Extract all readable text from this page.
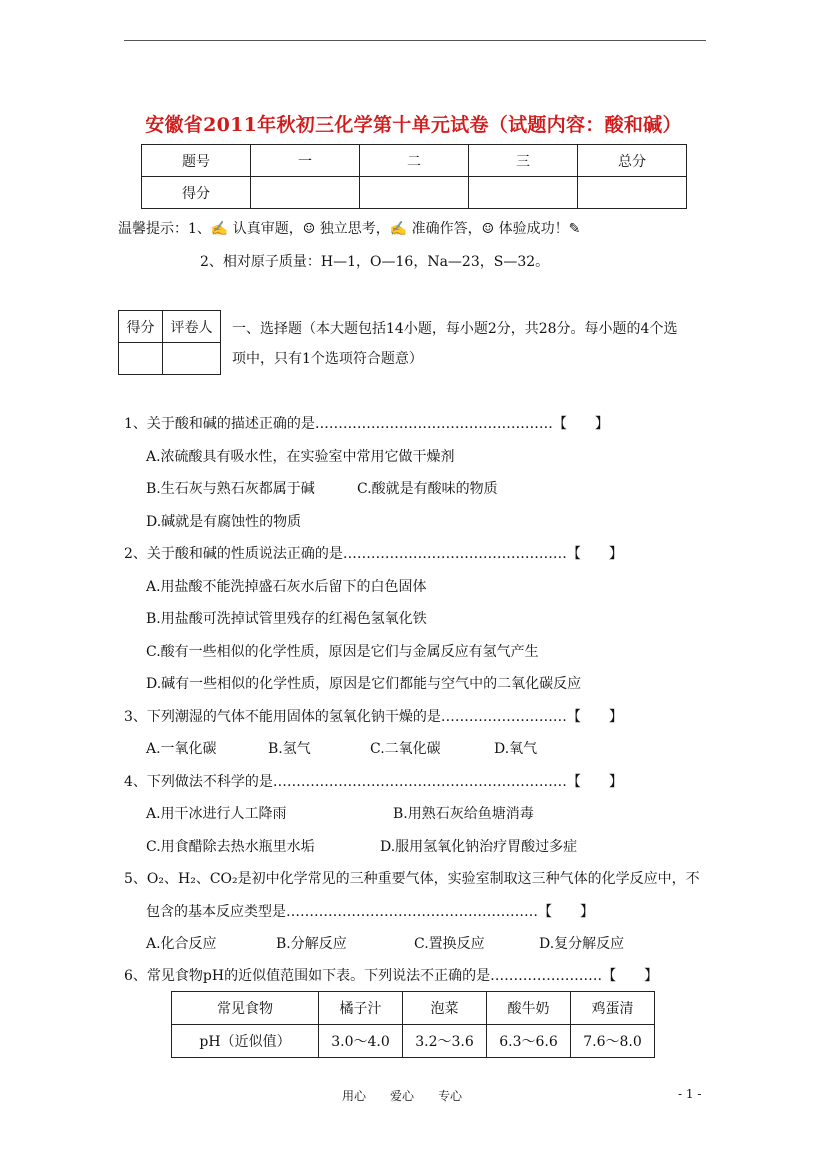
安徽省2011年秋初三化学第十单元试卷（试题内容：酸和碱）
题号	一	二	三	总分
得分				
温馨提示：1、✍ 认真审题，☺ 独立思考，✍ 准确作答，☺ 体验成功！✎
2、相对原子质量：H—1，O—16，Na—23，S—32。
得分	评卷人
	一、选择题（本大题包括14小题，每小题2分，共28分。每小题的4个选
项中，只有1个选项符合题意）
1、关于酸和碱的描述正确的是……………………………………………【　　】
A.浓硫酸具有吸水性，在实验室中常用它做干燥剂
B.生石灰与熟石灰都属于碱	C.酸就是有酸味的物质
D.碱就是有腐蚀性的物质
2、关于酸和碱的性质说法正确的是…………………………………………【　　】
A.用盐酸不能洗掉盛石灰水后留下的白色固体
B.用盐酸可洗掉试管里残存的红褐色氢氧化铁
C.酸有一些相似的化学性质，原因是它们与金属反应有氢气产生
D.碱有一些相似的化学性质，原因是它们都能与空气中的二氧化碳反应
3、下列潮湿的气体不能用固体的氢氧化钠干燥的是………………………【　　】
A.一氧化碳	B.氢气	C.二氧化碳	D.氧气
4、下列做法不科学的是………………………………………………………【　　】
A.用干冰进行人工降雨	B.用熟石灰给鱼塘消毒
C.用食醋除去热水瓶里水垢	D.服用氢氧化钠治疗胃酸过多症
5、O₂、H₂、CO₂是初中化学常见的三种重要气体，实验室制取这三种气体的化学反应中，不
包含的基本反应类型是………………………………………………【　　】
A.化合反应	B.分解反应	C.置换反应	D.复分解反应
6、常见食物pH的近似值范围如下表。下列说法不正确的是……………………【　　】
常见食物	橘子汁	泡菜	酸牛奶	鸡蛋清
pH（近似值）	3.0～4.0	3.2～3.6	6.3～6.6	7.6～8.0
用心　　爱心　　专心	- 1 -
